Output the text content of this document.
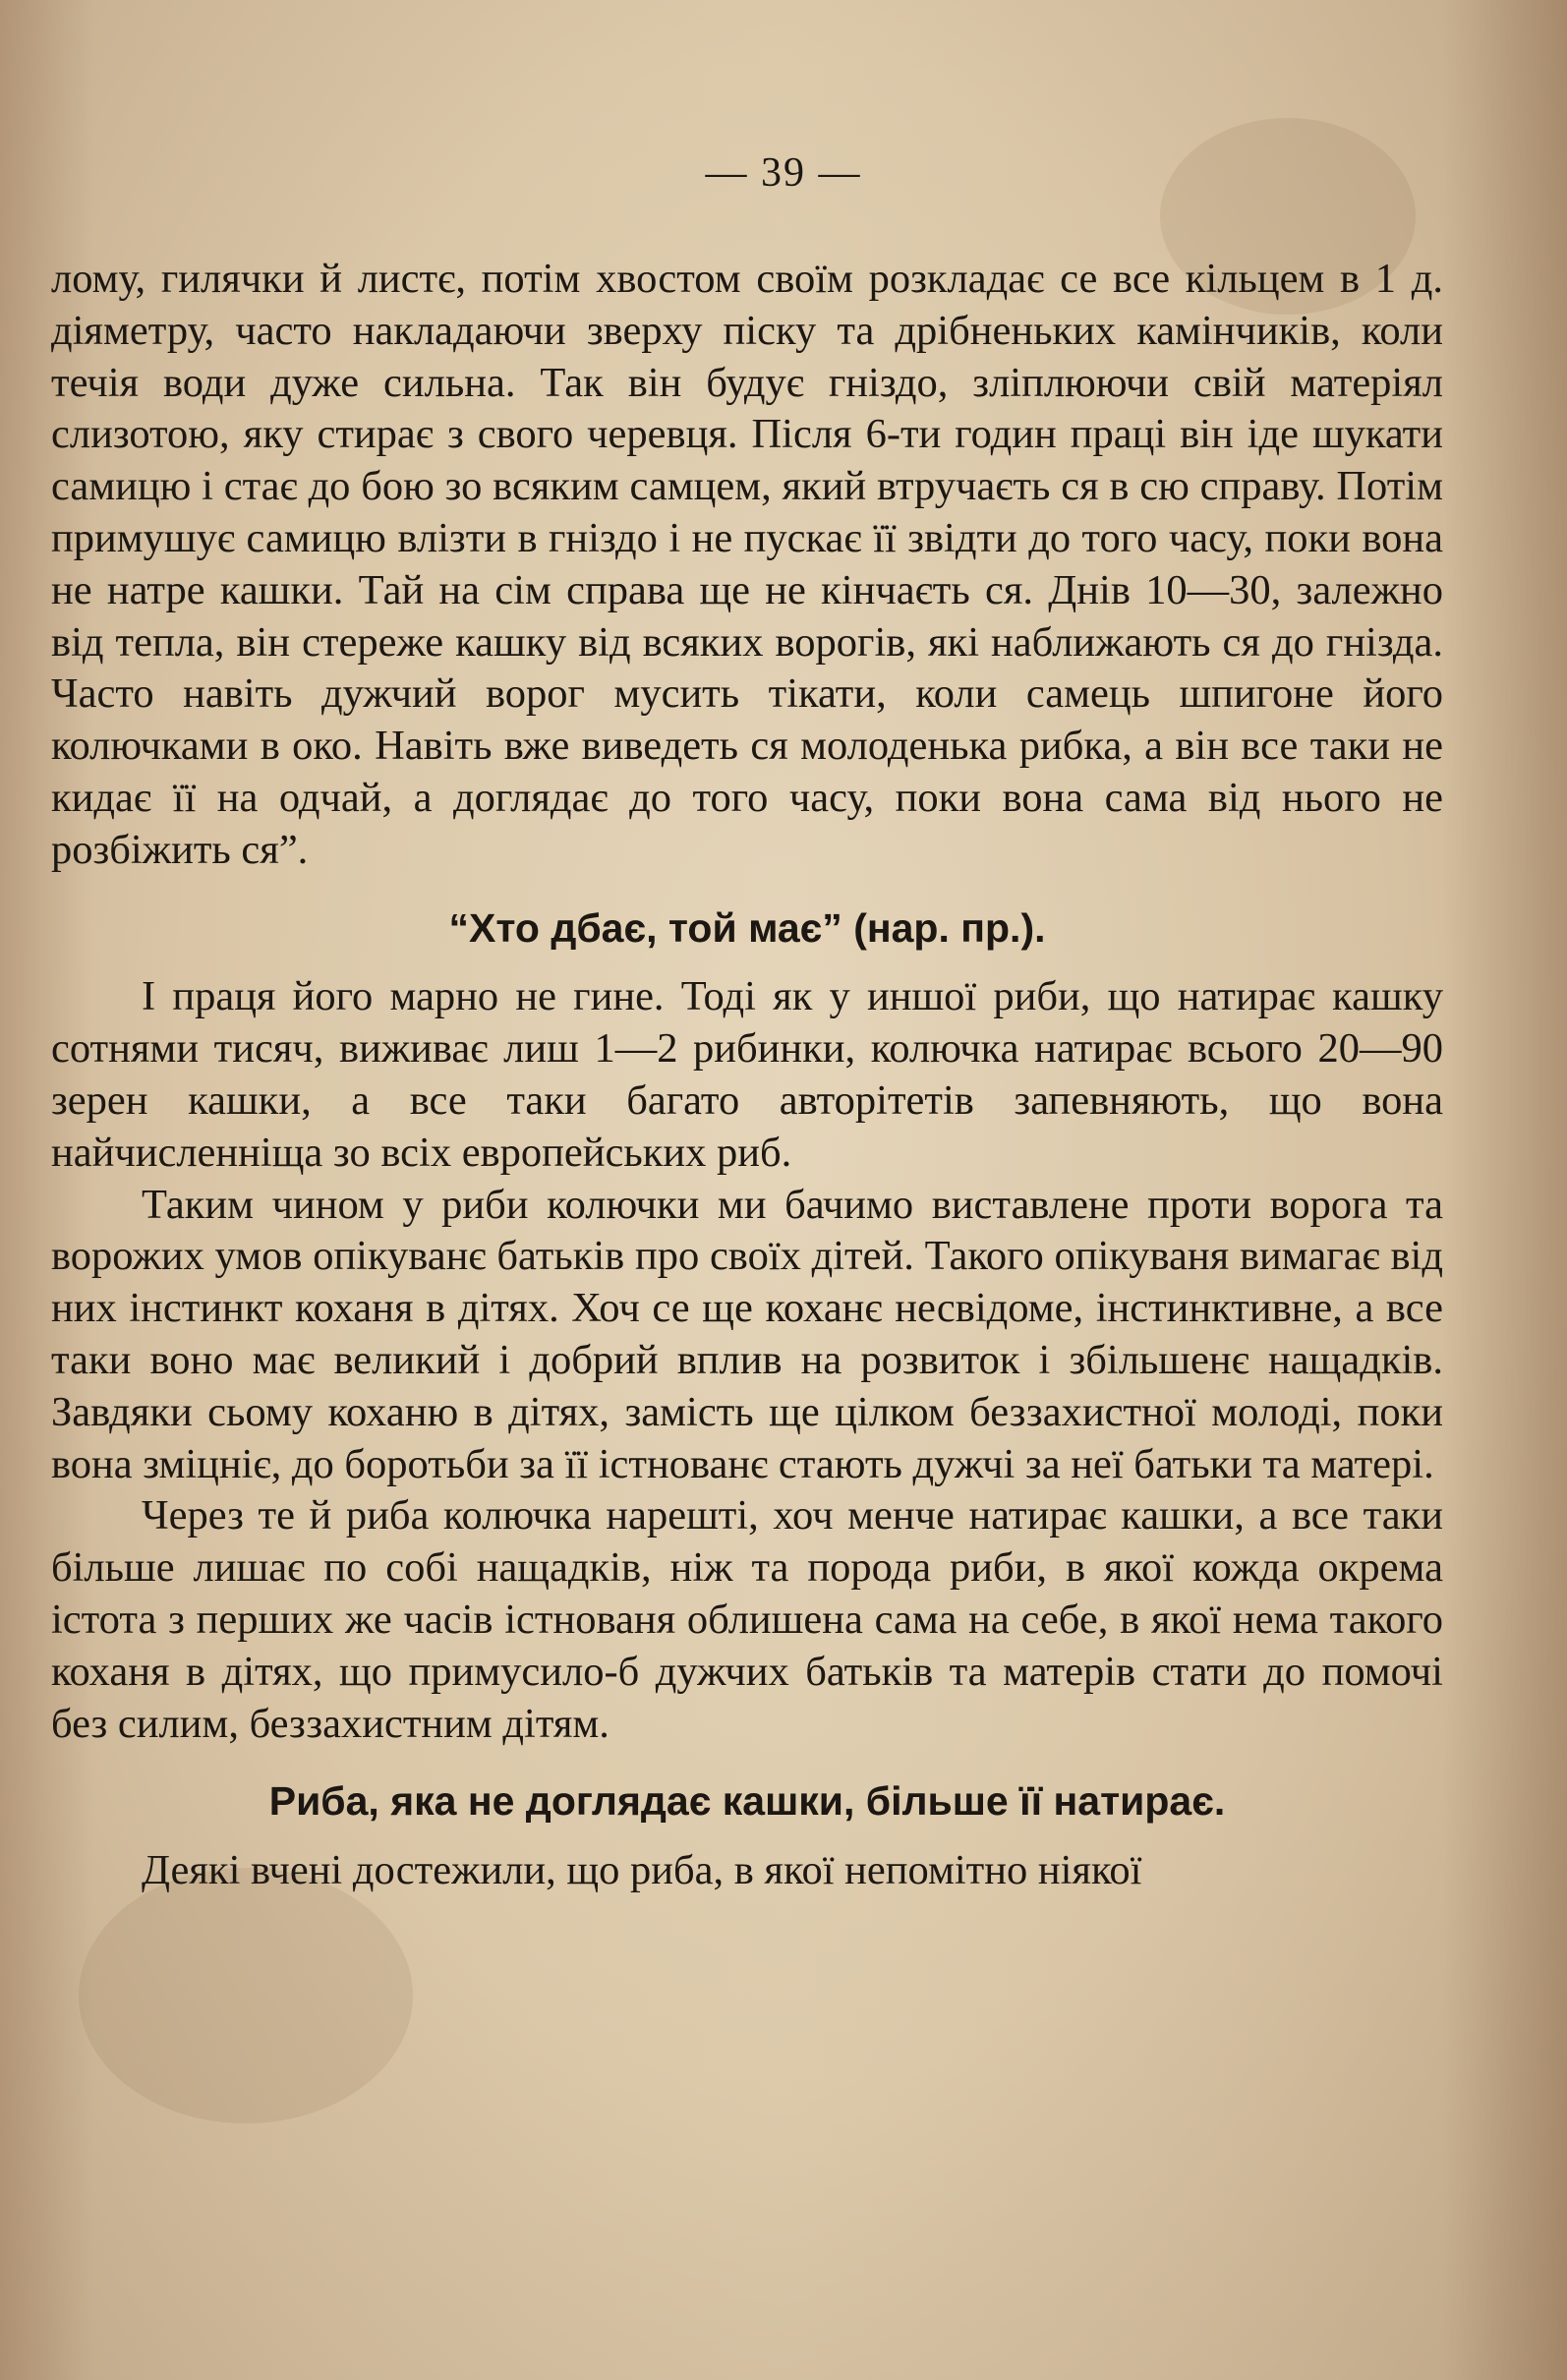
— 39 —

лому, гилячки й листє, потім хвостом своїм розкладає се все кільцем в 1 д. діяметру, часто накладаючи зверху піску та дрібненьких камінчиків, коли течія води дуже сильна. Так він будує гніздо, зліплюючи свій матеріял слизотою, яку стирає з свого черевця. Після 6-ти годин праці він іде шукати самицю і стає до бою зо всяким самцем, який втручаєть ся в сю справу. Потім примушує самицю влізти в гніздо і не пускає її звідти до того часу, поки вона не натре кашки. Тай на сім справа ще не кінчаєть ся. Днів 10—30, залежно від тепла, він стереже кашку від всяких ворогів, які наближають ся до гнізда. Часто навіть дужчий ворог мусить тікати, коли самець шпигоне його колючками в око. Навіть вже виведеть ся молоденька рибка, а він все таки не кидає її на одчай, а доглядає до того часу, поки вона сама від нього не розбіжить ся”.

“Хто дбає, той має” (нар. пр.).

І праця його марно не гине. Тоді як у иншої риби, що натирає кашку сотнями тисяч, виживає лиш 1—2 рибинки, колючка натирає всього 20—90 зерен кашки, а все таки багато авторітетів запевняють, що вона найчисленніща зо всіх европейських риб.

Таким чином у риби колючки ми бачимо виставлене проти ворога та ворожих умов опікуванє батьків про своїх дітей. Такого опікуваня вимагає від них інстинкт коханя в дітях. Хоч се ще коханє несвідоме, інстинктивне, а все таки воно має великий і добрий вплив на розвиток і збільшенє нащадків. Завдяки сьому коханю в дітях, замість ще цілком беззахистної молоді, поки вона зміцніє, до боротьби за її істнованє стають дужчі за неї батьки та матері.

Через те й риба колючка нарешті, хоч менче натирає кашки, а все таки більше лишає по собі нащадків, ніж та порода риби, в якої кожда окрема істота з перших же часів істнованя облишена сама на себе, в якої нема такого коханя в дітях, що примусило-б дужчих батьків та матерів стати до помочі без силим, беззахистним дітям.

Риба, яка не доглядає кашки, більше її натирає.

Деякі вчені достежили, що риба, в якої непомітно ніякої
